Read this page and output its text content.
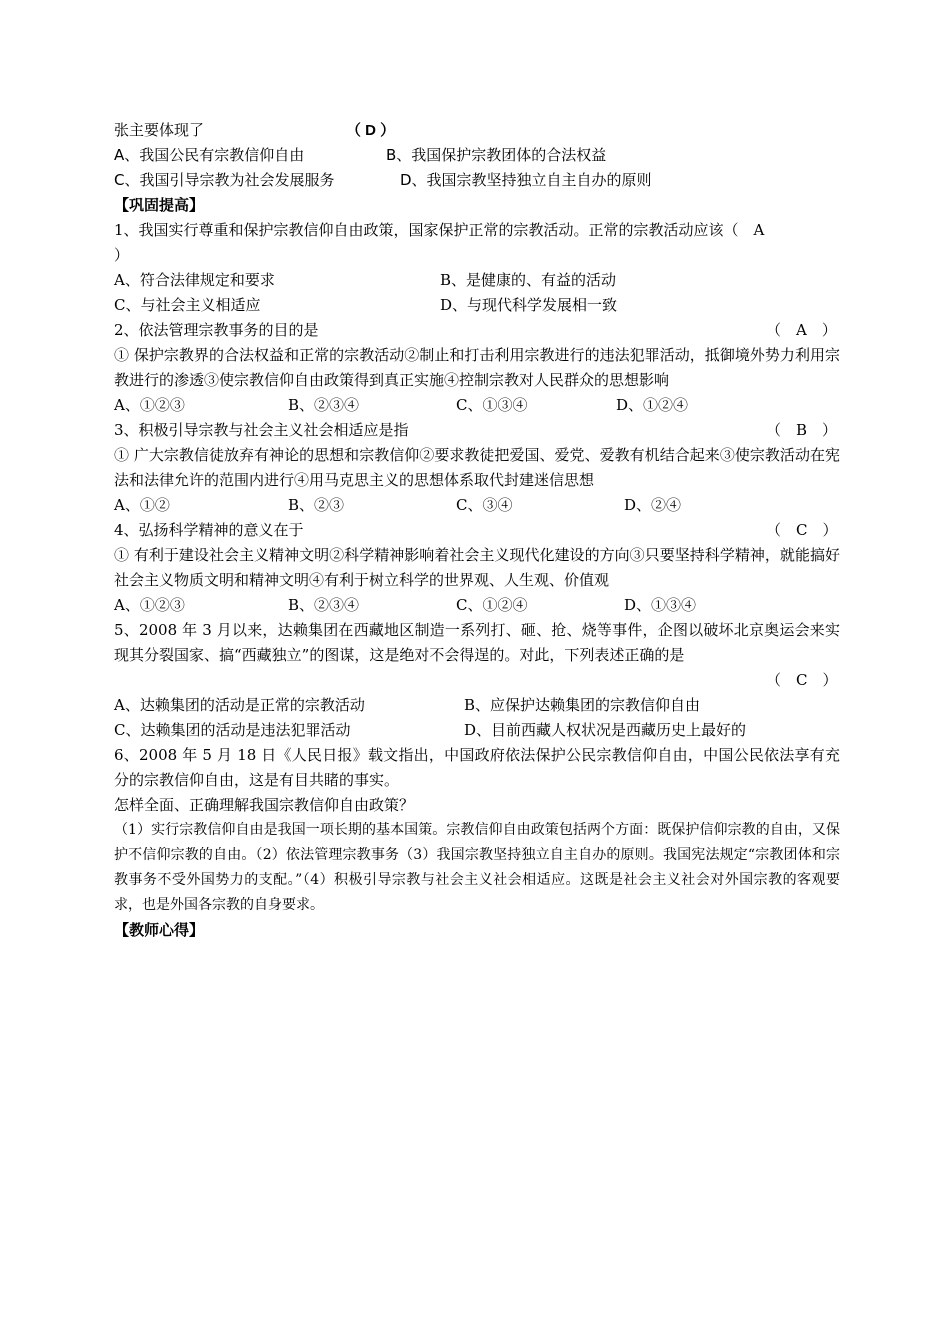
张主要体现了	（ D ）
A、我国公民有宗教信仰自由	B、我国保护宗教团体的合法权益
C、我国引导宗教为社会发展服务	D、我国宗教坚持独立自主自办的原则
【巩固提高】
1、我国实行尊重和保护宗教信仰自由政策，国家保护正常的宗教活动。正常的宗教活动应该（　A
）
A、符合法律规定和要求	B、是健康的、有益的活动
C、与社会主义相适应	D、与现代科学发展相一致
2、依法管理宗教事务的目的是	（　A　）
① 保护宗教界的合法权益和正常的宗教活动②制止和打击利用宗教进行的违法犯罪活动，抵御境外势力利用宗教进行的渗透③使宗教信仰自由政策得到真正实施④控制宗教对人民群众的思想影响
A、①②③	B、②③④	C、①③④	D、①②④
3、积极引导宗教与社会主义社会相适应是指	（　B　）
① 广大宗教信徒放弃有神论的思想和宗教信仰②要求教徒把爱国、爱党、爱教有机结合起来③使宗教活动在宪法和法律允许的范围内进行④用马克思主义的思想体系取代封建迷信思想
A、①②	B、②③	C、③④	D、②④
4、弘扬科学精神的意义在于	（　C　）
① 有利于建设社会主义精神文明②科学精神影响着社会主义现代化建设的方向③只要坚持科学精神，就能搞好社会主义物质文明和精神文明④有利于树立科学的世界观、人生观、价值观
A、①②③	B、②③④	C、①②④	D、①③④
5、2008 年 3 月以来，达赖集团在西藏地区制造一系列打、砸、抢、烧等事件，企图以破坏北京奥运会来实现其分裂国家、搞“西藏独立”的图谋，这是绝对不会得逞的。对此，下列表述正确的是
（　C　）
A、达赖集团的活动是正常的宗教活动	B、应保护达赖集团的宗教信仰自由
C、达赖集团的活动是违法犯罪活动	D、目前西藏人权状况是西藏历史上最好的
6、2008 年 5 月 18 日《人民日报》载文指出，中国政府依法保护公民宗教信仰自由，中国公民依法享有充分的宗教信仰自由，这是有目共睹的事实。
怎样全面、正确理解我国宗教信仰自由政策？
（1）实行宗教信仰自由是我国一项长期的基本国策。宗教信仰自由政策包括两个方面：既保护信仰宗教的自由，又保护不信仰宗教的自由。（2）依法管理宗教事务（3）我国宗教坚持独立自主自办的原则。我国宪法规定“宗教团体和宗教事务不受外国势力的支配。”（4）积极引导宗教与社会主义社会相适应。这既是社会主义社会对外国宗教的客观要求，也是外国各宗教的自身要求。
【教师心得】
